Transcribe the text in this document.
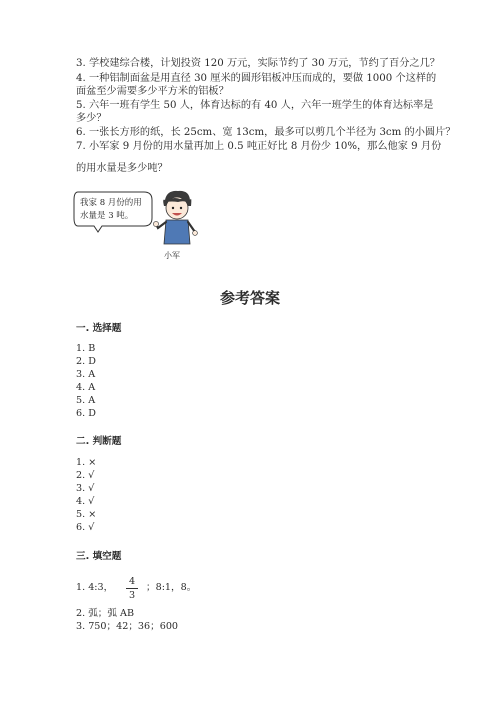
3. 学校建综合楼，计划投资 120 万元，实际节约了 30 万元，节约了百分之几？
4. 一种铝制面盆是用直径 30 厘米的圆形铝板冲压而成的，要做 1000 个这样的
面盆至少需要多少平方米的铝板？
5. 六年一班有学生 50 人，体育达标的有 40 人，六年一班学生的体育达标率是
多少？
6. 一张长方形的纸，长 25cm、宽 13cm，最多可以剪几个半径为 3cm 的小圆片？
7. 小军家 9 月份的用水量再加上 0.5 吨正好比 8 月份少 10%，那么他家 9 月份
的用水量是多少吨？
我家 8 月份的用
水量是 3 吨。
小军
参考答案
一. 选择题
1. B
2. D
3. A
4. A
5. A
6. D
二. 判断题
1. ×
2. √
3. √
4. √
5. ×
6. √
三. 填空题
1. 4:3，
4
3
；8:1，8。
2. 弧；弧 AB
3. 750；42；36；600
